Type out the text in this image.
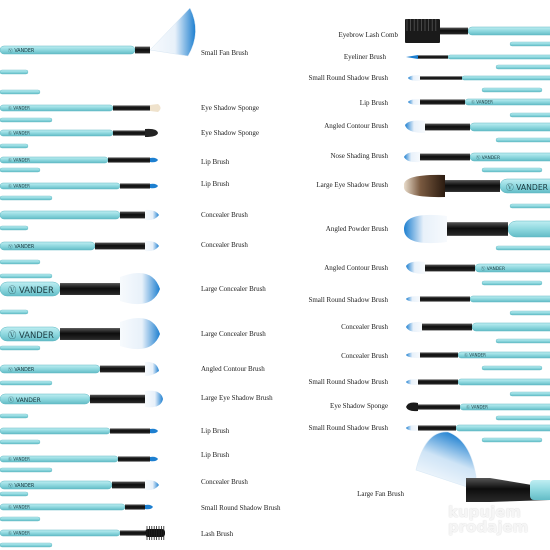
Ⓥ VANDER
Ⓥ VANDER
Ⓥ VANDER
Ⓥ VANDER
Ⓥ VANDER
Ⓥ VANDER
Ⓥ VANDER
Ⓥ VANDER
Ⓥ VANDER
Ⓥ VANDER
Ⓥ VANDER
Ⓥ VANDER
Ⓥ VANDER
Ⓥ VANDER
Ⓥ VANDER
Ⓥ VANDER
Ⓥ VANDER
Ⓥ VANDER
Ⓥ VANDER
Ⓥ VANDER
Small Fan Brush
Eye Shadow Sponge
Eye Shadow Sponge
Lip Brush
Lip Brush
Concealer Brush
Concealer Brush
Large Concealer Brush
Large Concealer Brush
Angled Contour Brush
Large Eye Shadow Brush
Lip Brush
Lip Brush
Concealer Brush
Small Round Shadow Brush
Lash Brush
Eyebrow Lash Comb
Eyeliner Brush
Small Round Shadow Brush
Lip Brush
Angled Contour Brush
Nose Shading Brush
Large Eye Shadow Brush
Angled Powder Brush
Angled Contour Brush
Small Round Shadow Brush
Concealer Brush
Concealer Brush
Small Round Shadow Brush
Eye Shadow Sponge
Small Round Shadow Brush
Large Fan Brush
kupujem
prodajem
